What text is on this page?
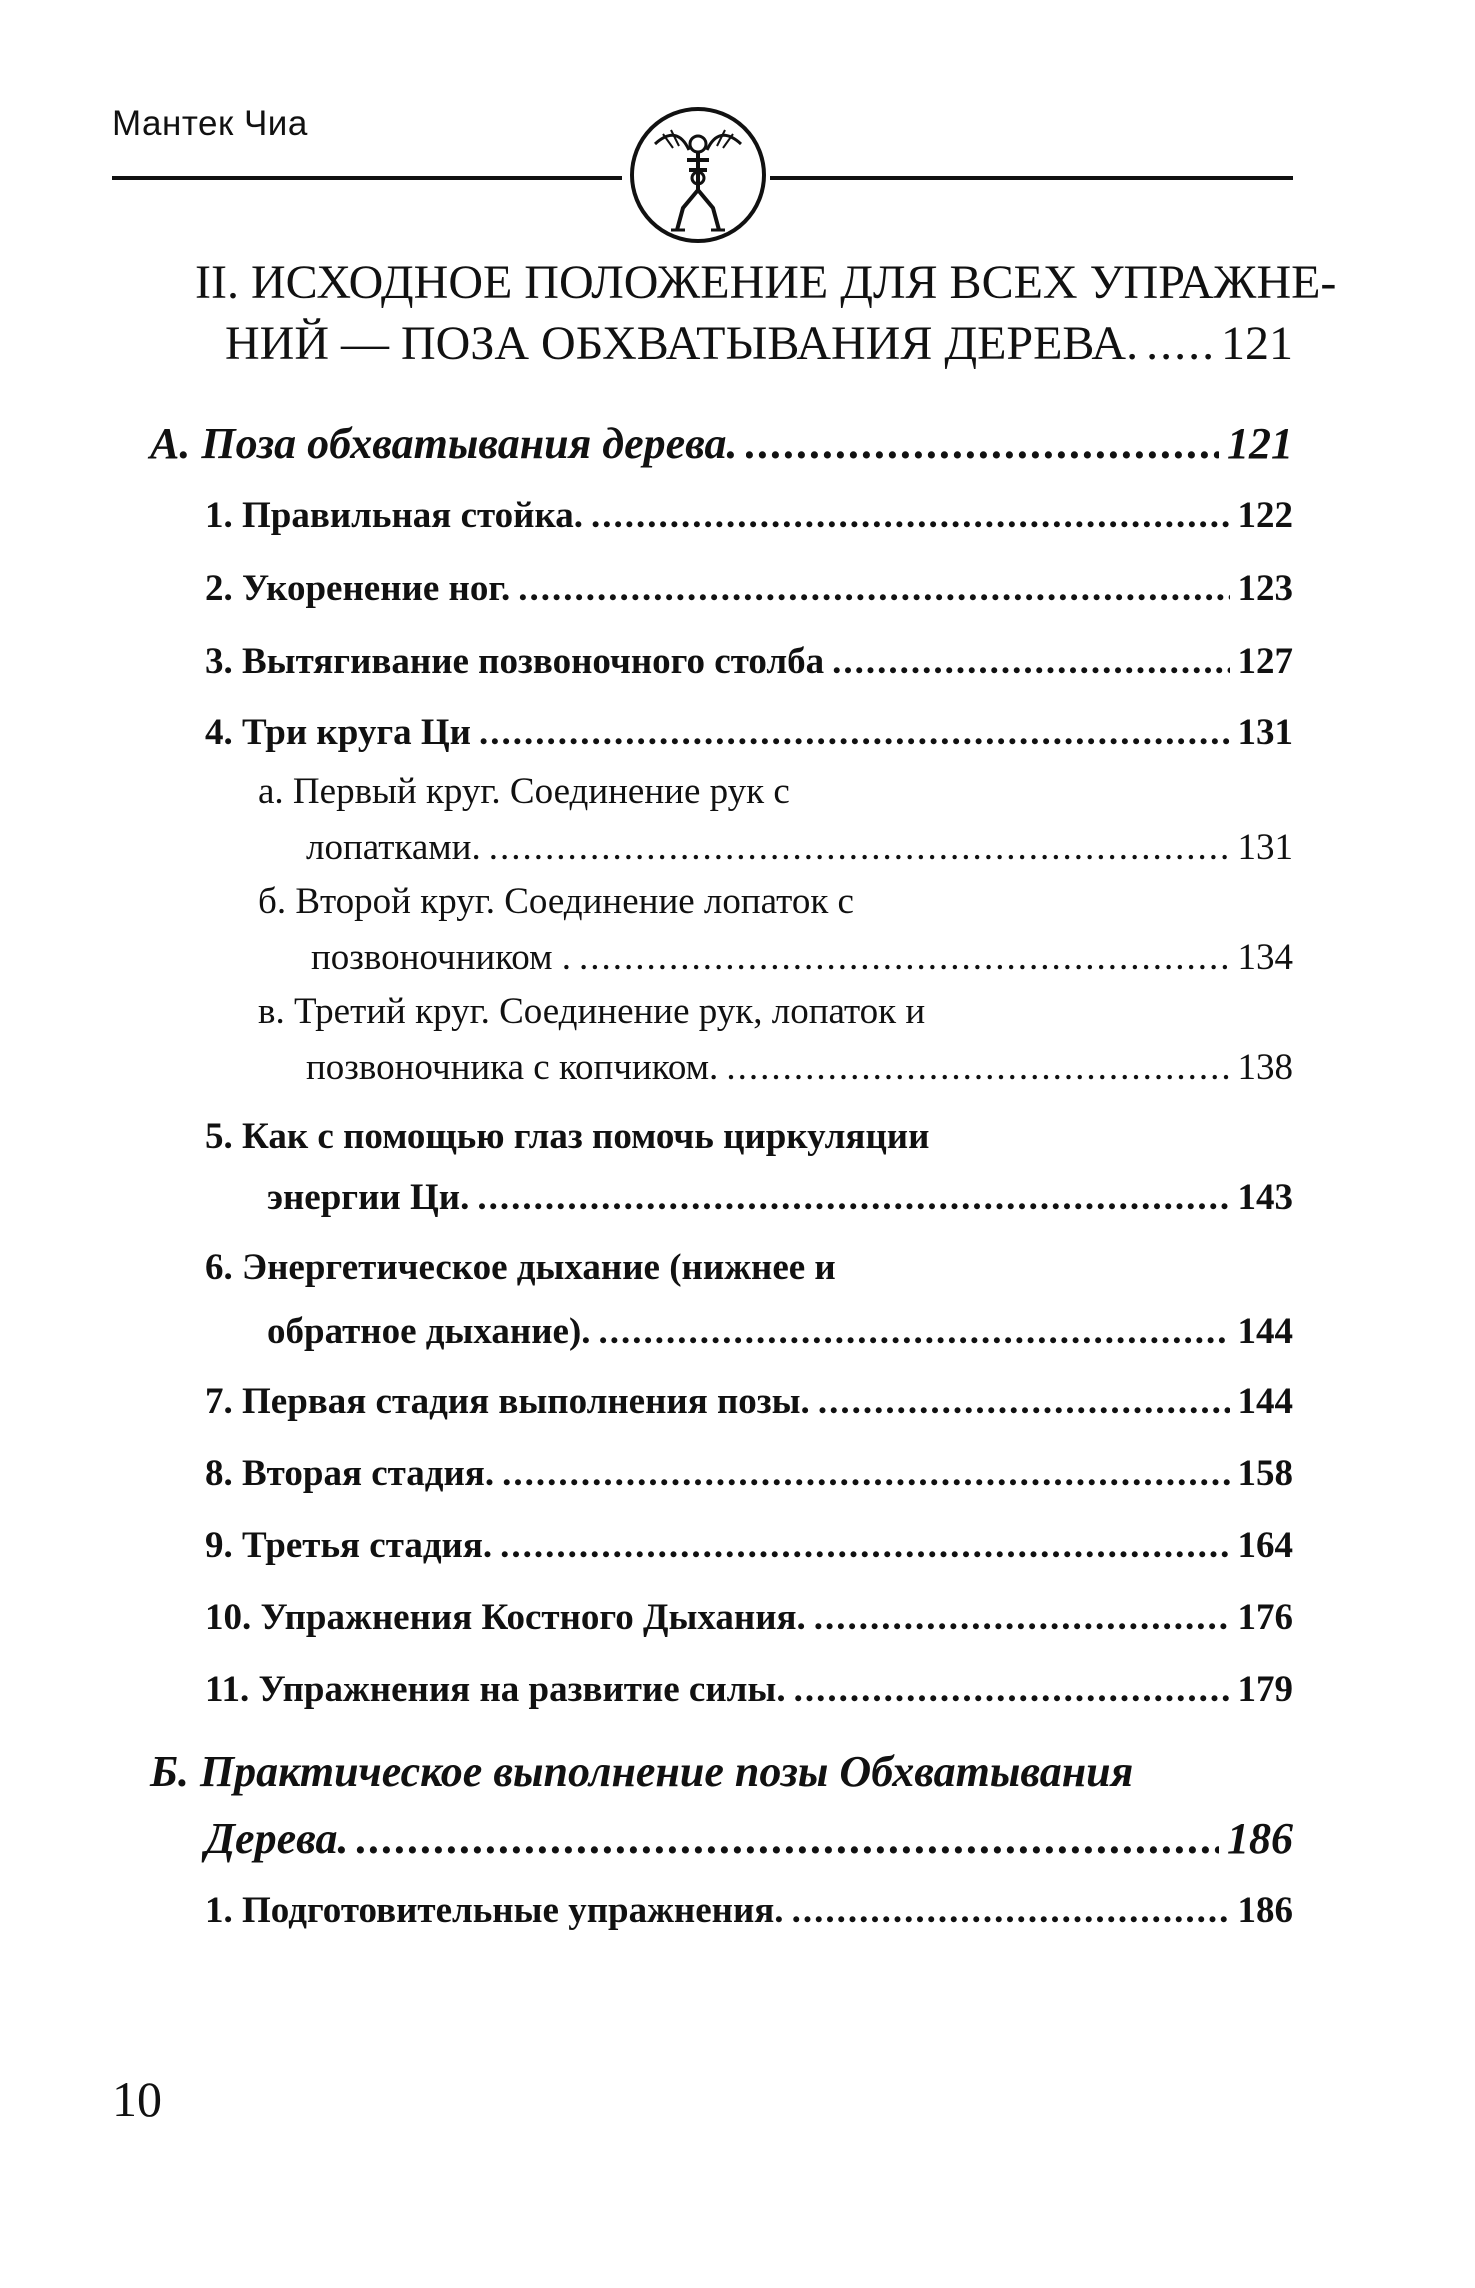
Мантек Чиа
II. ИСХОДНОЕ ПОЛОЖЕНИЕ ДЛЯ ВСЕХ УПРАЖНЕ-
НИЙ — ПОЗА ОБХВАТЫВАНИЯ ДЕРЕВА. ..... 121
А. Поза обхватывания дерева. .....	121
1. Правильная стойка. .....	122
2. Укоренение ног. .....	123
3. Вытягивание позвоночного столба .....	127
4. Три круга Ци .....	131
а. Первый круг. Соединение рук с
лопатками. .....	131
б. Второй круг. Соединение лопаток с
позвоночником . .....	134
в. Третий круг. Соединение рук, лопаток и
позвоночника с копчиком. .....	138
5. Как с помощью глаз помочь циркуляции
энергии Ци. .....	143
6. Энергетическое дыхание (нижнее и
обратное дыхание). .....	144
7. Первая стадия выполнения позы. .....	144
8. Вторая стадия. .....	158
9. Третья стадия. .....	164
10. Упражнения Костного Дыхания. .....	176
11. Упражнения на развитие силы. .....	179
Б. Практическое выполнение позы Обхватывания
Дерева. .....	186
1. Подготовительные упражнения. .....	186
10
